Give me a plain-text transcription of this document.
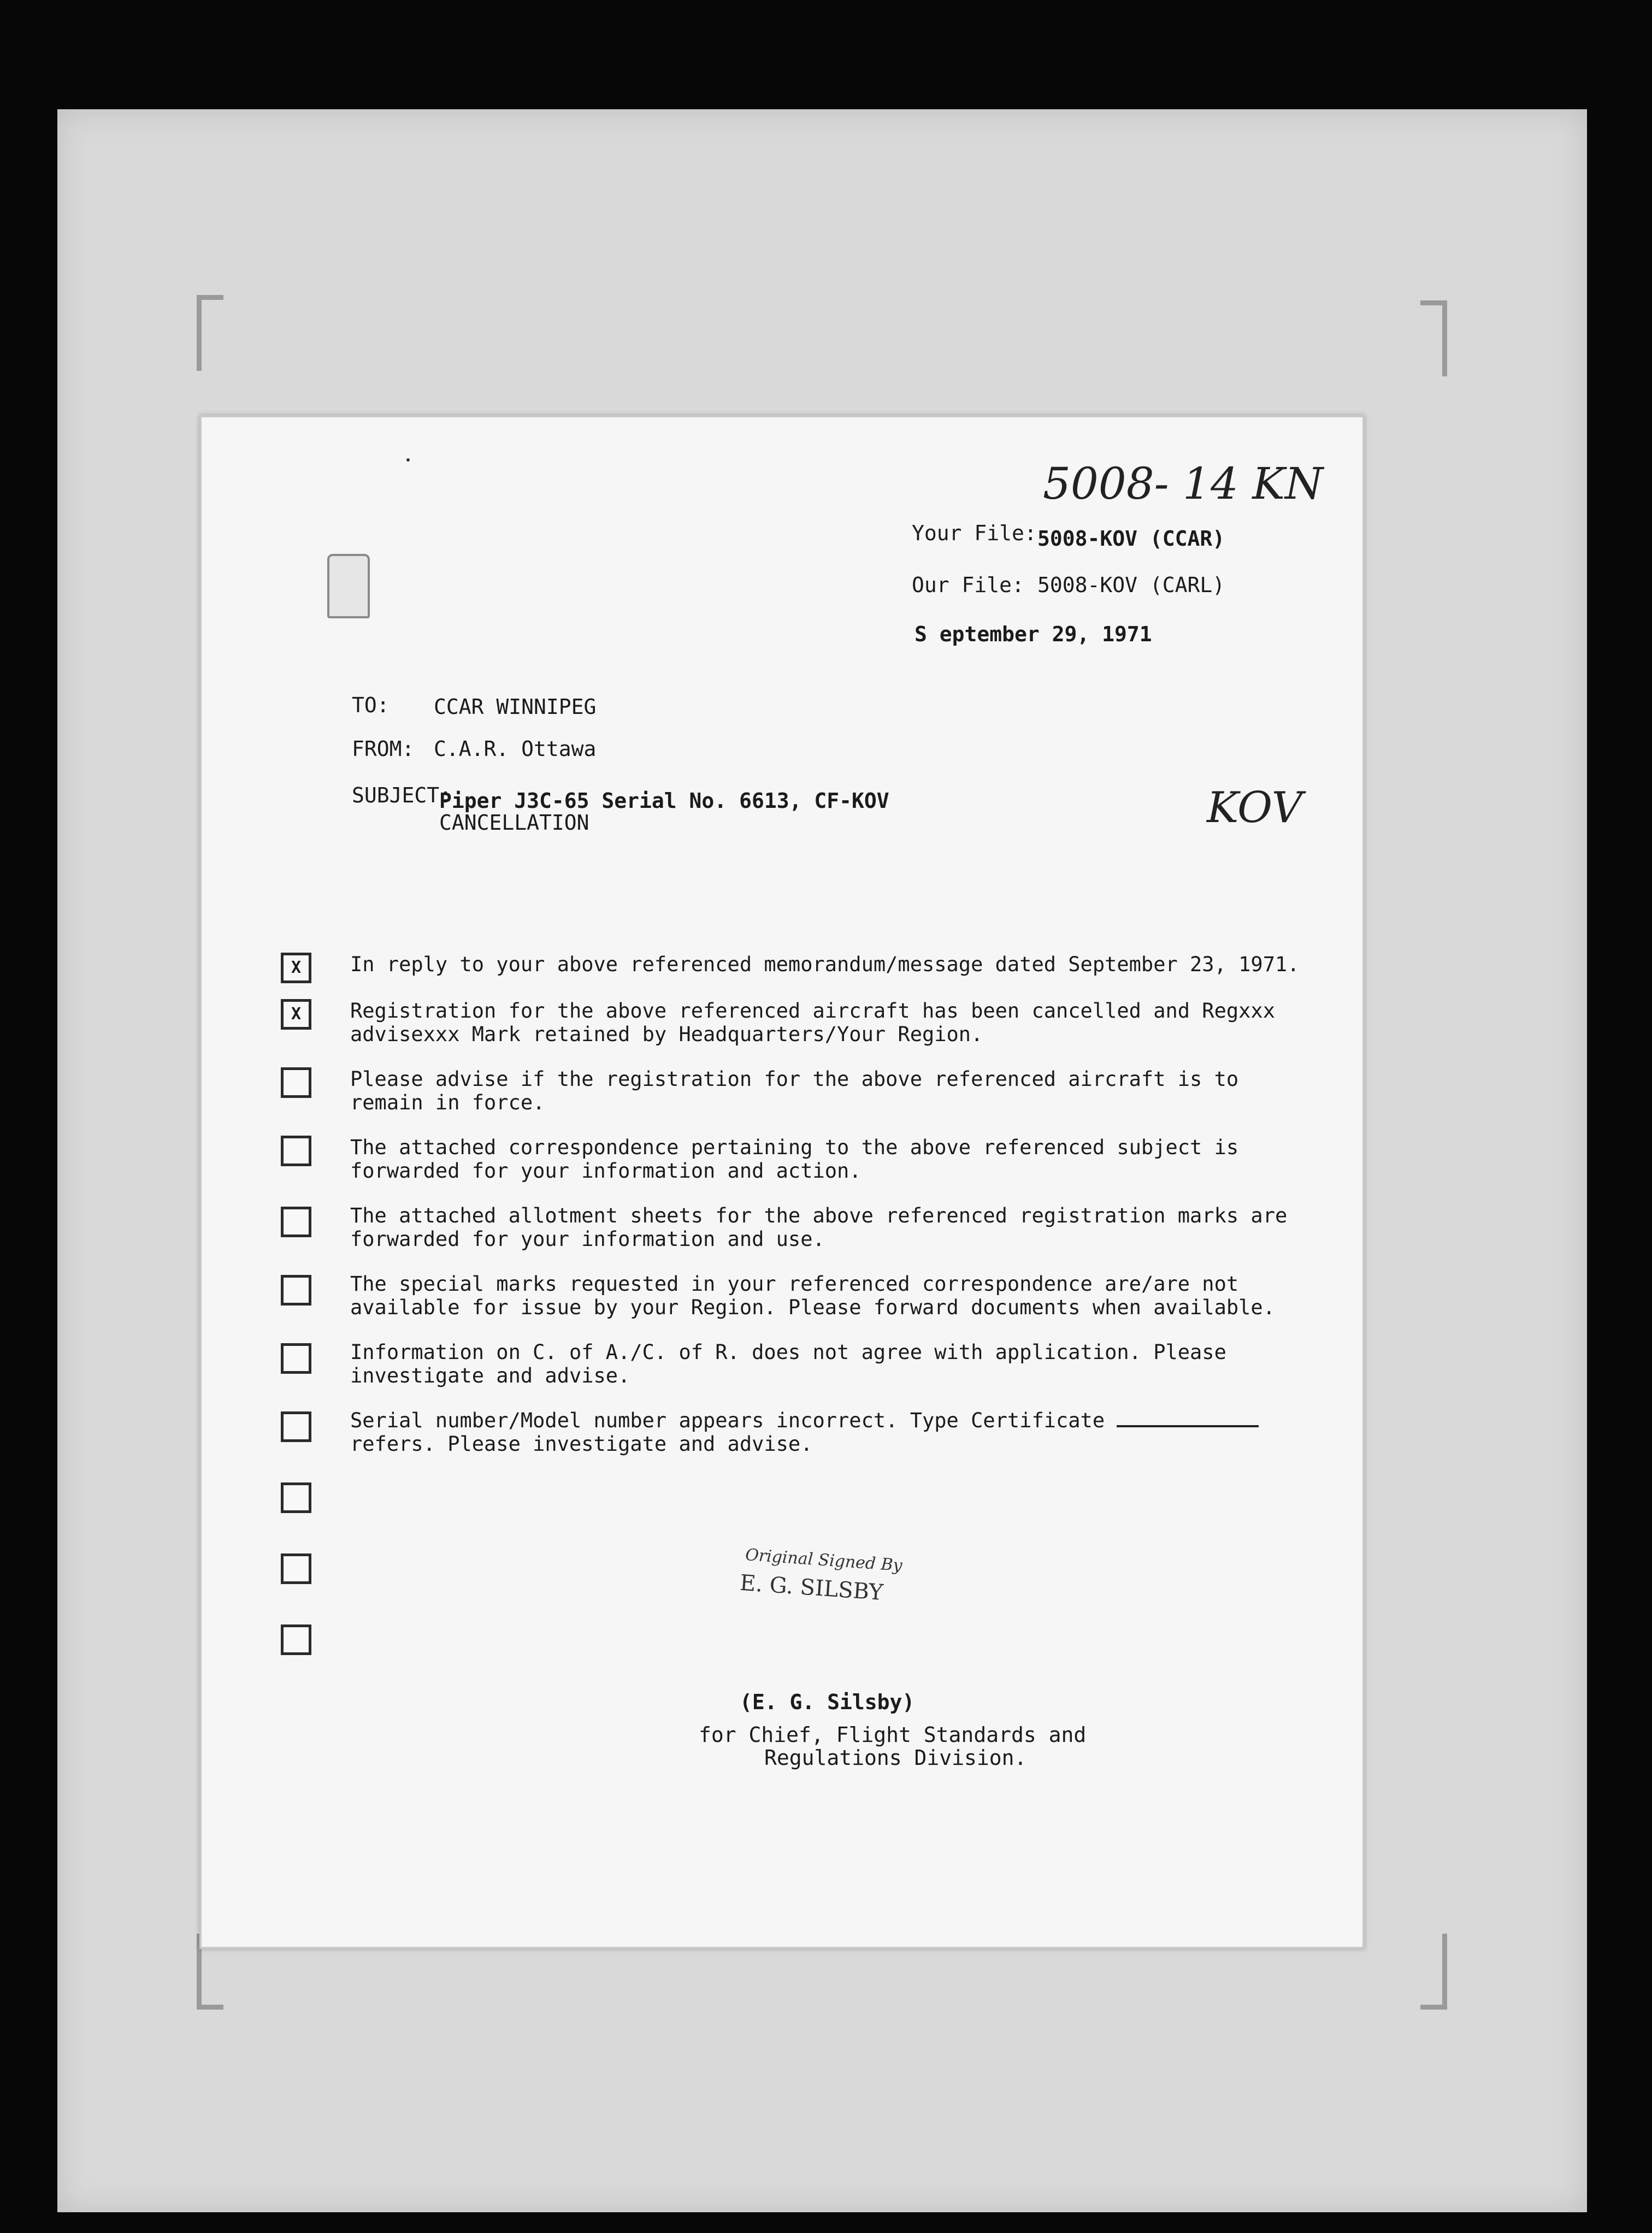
5008- 14 KN
KOV
Your File: 5008-KOV (CCAR)
Our File: 5008-KOV (CARL)
S eptember 29, 1971
TO: CCAR WINNIPEG
FROM: C.A.R. Ottawa
SUBJECT:
Piper J3C-65 Serial No. 6613, CF-KOV
CANCELLATION
X	In reply to your above referenced memorandum/message dated September 23, 1971.
X	Registration for the above referenced aircraft has been cancelled and Regxxx
advisexxx Mark retained by Headquarters/Your Region.
Please advise if the registration for the above referenced aircraft is to
remain in force.
The attached correspondence pertaining to the above referenced subject is
forwarded for your information and action.
The attached allotment sheets for the above referenced registration marks are
forwarded for your information and use.
The special marks requested in your referenced correspondence are/are not
available for issue by your Region. Please forward documents when available.
Information on C. of A./C. of R. does not agree with application. Please
investigate and advise.
Serial number/Model number appears incorrect. Type Certificate
refers. Please investigate and advise.
Original Signed By
E. G. SILSBY
(E. G. Silsby)
for Chief, Flight Standards and
Regulations Division.
